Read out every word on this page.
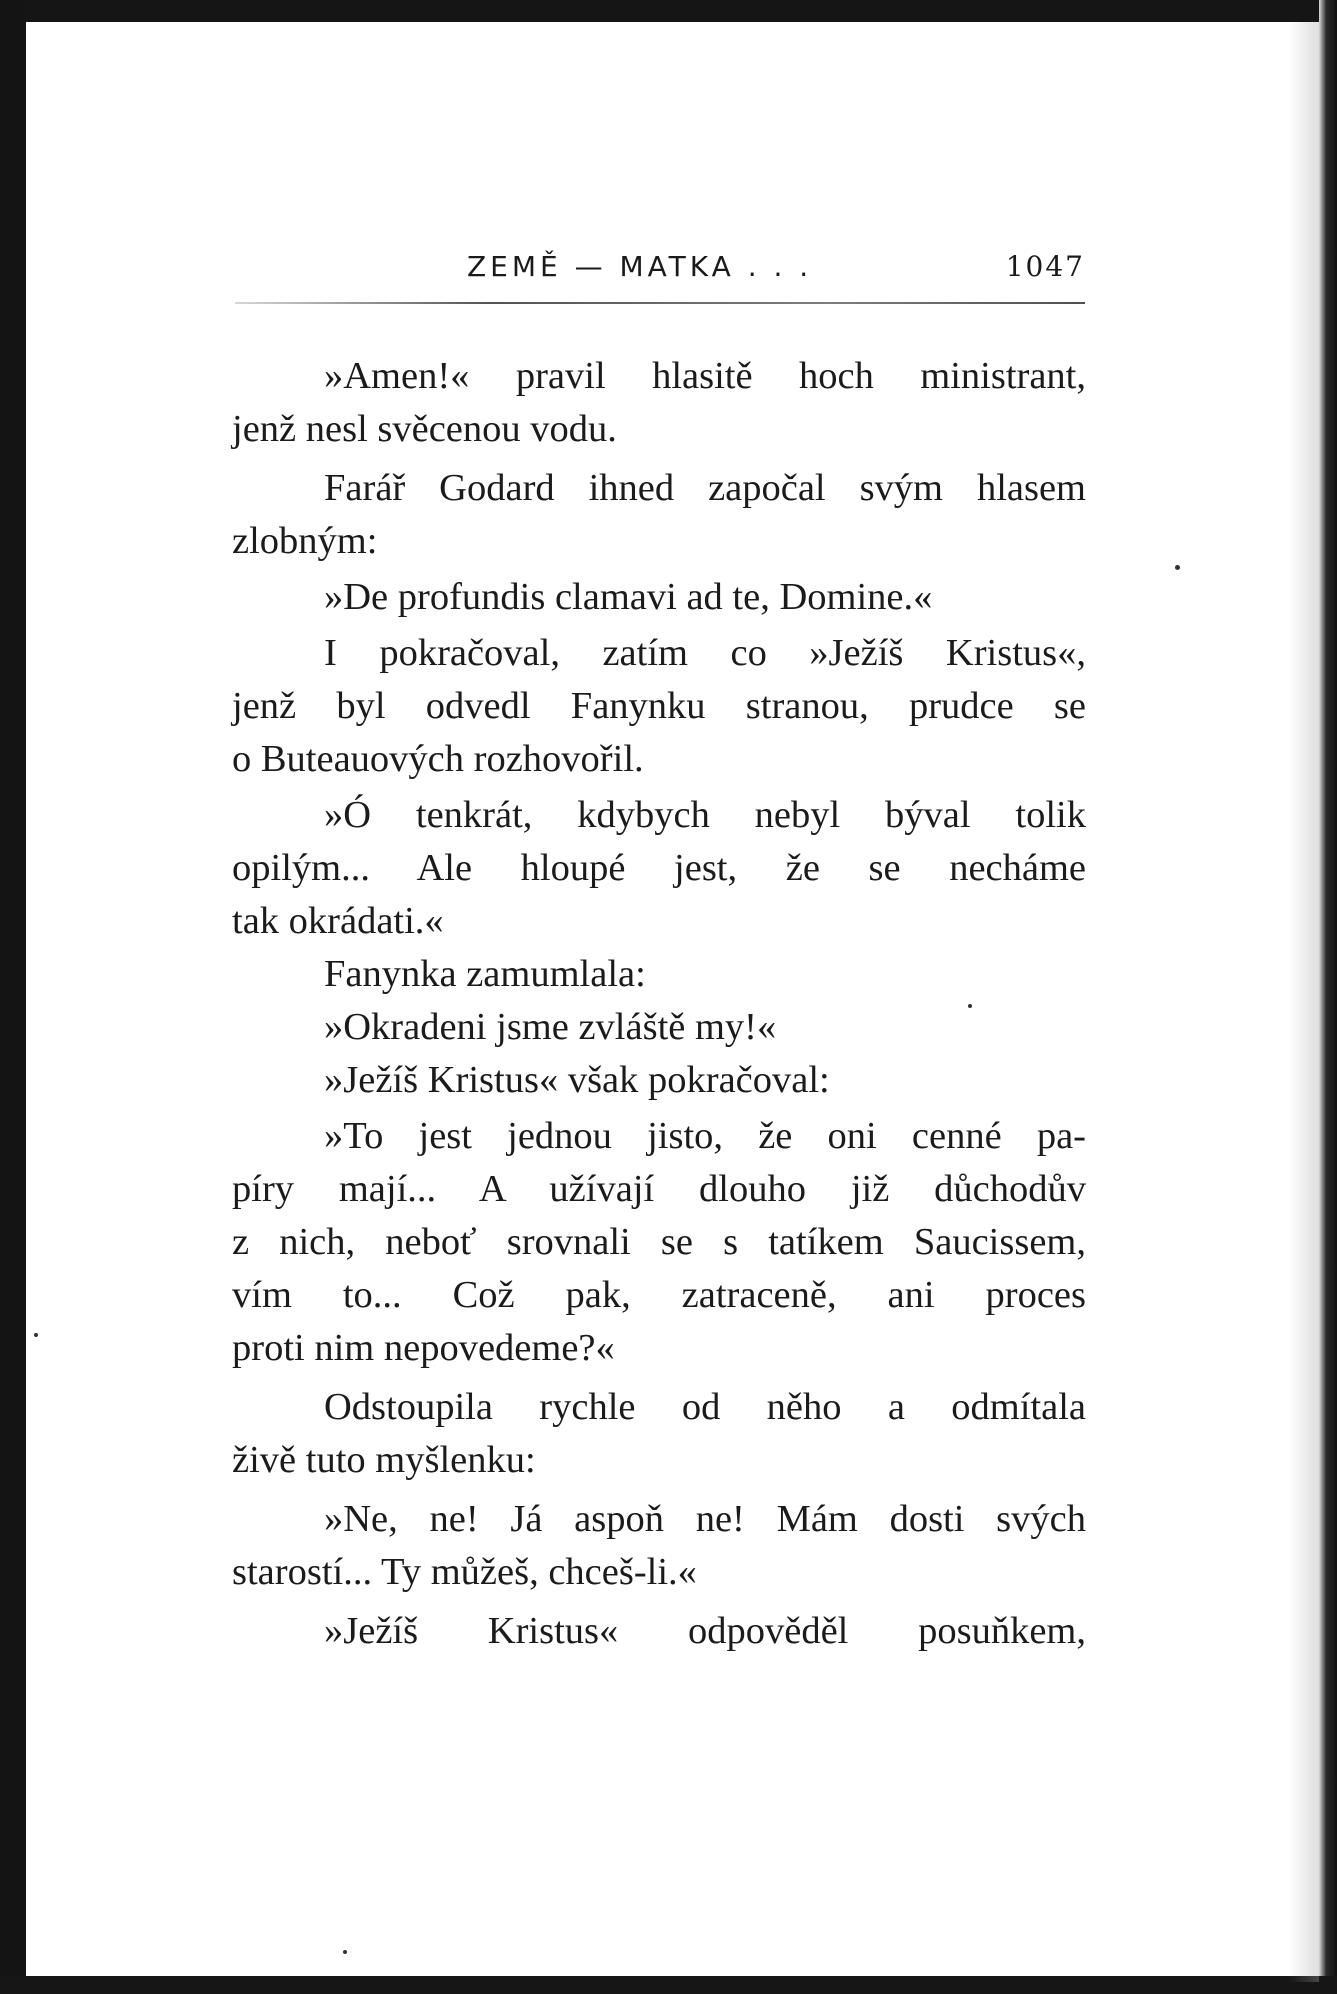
ZEMĚ — MATKA . . .	1047
»Amen!« pravil hlasitě hoch ministrant,
jenž nesl svěcenou vodu.
Farář Godard ihned započal svým hlasem
zlobným:
»De profundis clamavi ad te, Domine.«
I pokračoval, zatím co »Ježíš Kristus«,
jenž byl odvedl Fanynku stranou, prudce se
o Buteauových rozhovořil.
»Ó tenkrát, kdybych nebyl býval tolik
opilým... Ale hloupé jest, že se necháme
tak okrádati.«
Fanynka zamumlala:
»Okradeni jsme zvláště my!«
»Ježíš Kristus« však pokračoval:
»To jest jednou jisto, že oni cenné pa-
píry mají... A užívají dlouho již důchodův
z nich, neboť srovnali se s tatíkem Saucissem,
vím to... Což pak, zatraceně, ani proces
proti nim nepovedeme?«
Odstoupila rychle od něho a odmítala
živě tuto myšlenku:
»Ne, ne! Já aspoň ne! Mám dosti svých
starostí... Ty můžeš, chceš-li.«
»Ježíš Kristus« odpověděl posuňkem,
